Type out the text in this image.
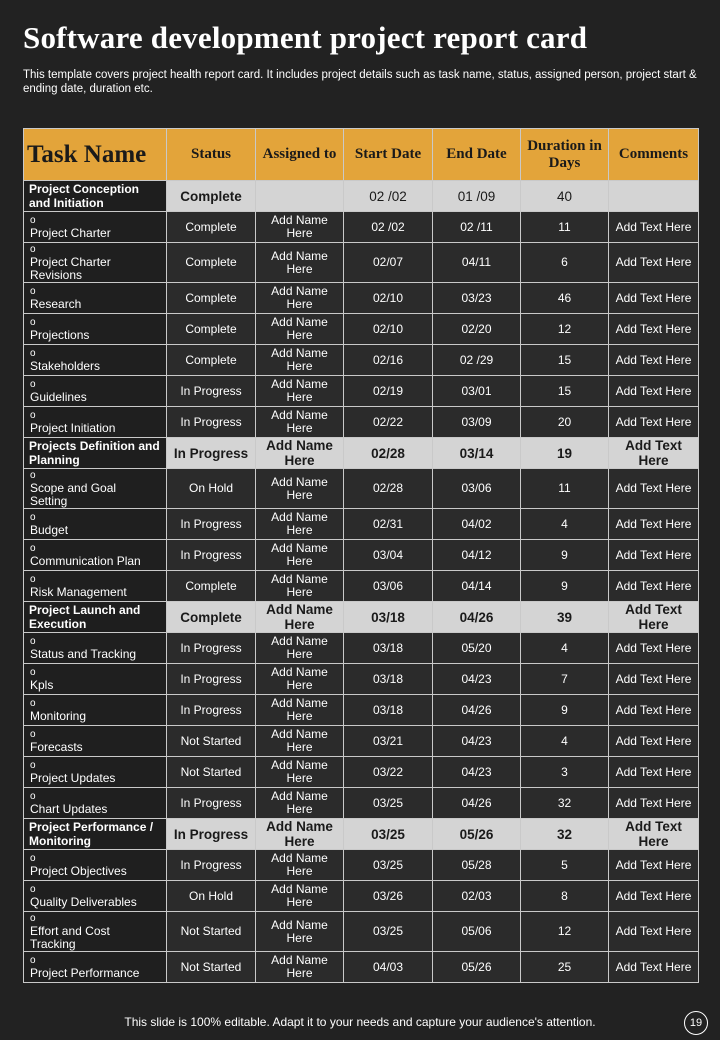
Software development project report card
This template covers project health report card. It includes project details such as task name, status, assigned person, project start & ending date, duration etc.
Task Name	Status	Assigned to	Start Date	End Date	Duration in Days	Comments
Project Conception and Initiation	Complete		02 /02	01 /09	40	
oProject Charter	Complete	Add Name Here	02 /02	02 /11	11	Add Text Here
oProject Charter Revisions	Complete	Add Name Here	02/07	04/11	6	Add Text Here
oResearch	Complete	Add Name Here	02/10	03/23	46	Add Text Here
oProjections	Complete	Add Name Here	02/10	02/20	12	Add Text Here
oStakeholders	Complete	Add Name Here	02/16	02 /29	15	Add Text Here
oGuidelines	In Progress	Add Name Here	02/19	03/01	15	Add Text Here
oProject Initiation	In Progress	Add Name Here	02/22	03/09	20	Add Text Here
Projects Definition and Planning	In Progress	Add Name Here	02/28	03/14	19	Add Text Here
oScope and Goal Setting	On Hold	Add Name Here	02/28	03/06	11	Add Text Here
oBudget	In Progress	Add Name Here	02/31	04/02	4	Add Text Here
oCommunication Plan	In Progress	Add Name Here	03/04	04/12	9	Add Text Here
oRisk Management	Complete	Add Name Here	03/06	04/14	9	Add Text Here
Project Launch and Execution	Complete	Add Name Here	03/18	04/26	39	Add Text Here
oStatus and Tracking	In Progress	Add Name Here	03/18	05/20	4	Add Text Here
oKpls	In Progress	Add Name Here	03/18	04/23	7	Add Text Here
oMonitoring	In Progress	Add Name Here	03/18	04/26	9	Add Text Here
oForecasts	Not Started	Add Name Here	03/21	04/23	4	Add Text Here
oProject Updates	Not Started	Add Name Here	03/22	04/23	3	Add Text Here
oChart Updates	In Progress	Add Name Here	03/25	04/26	32	Add Text Here
Project Performance / Monitoring	In Progress	Add Name Here	03/25	05/26	32	Add Text Here
oProject Objectives	In Progress	Add Name Here	03/25	05/28	5	Add Text Here
oQuality Deliverables	On Hold	Add Name Here	03/26	02/03	8	Add Text Here
oEffort and Cost Tracking	Not Started	Add Name Here	03/25	05/06	12	Add Text Here
oProject Performance	Not Started	Add Name Here	04/03	05/26	25	Add Text Here
This slide is 100% editable. Adapt it to your needs and capture your audience's attention.	19
